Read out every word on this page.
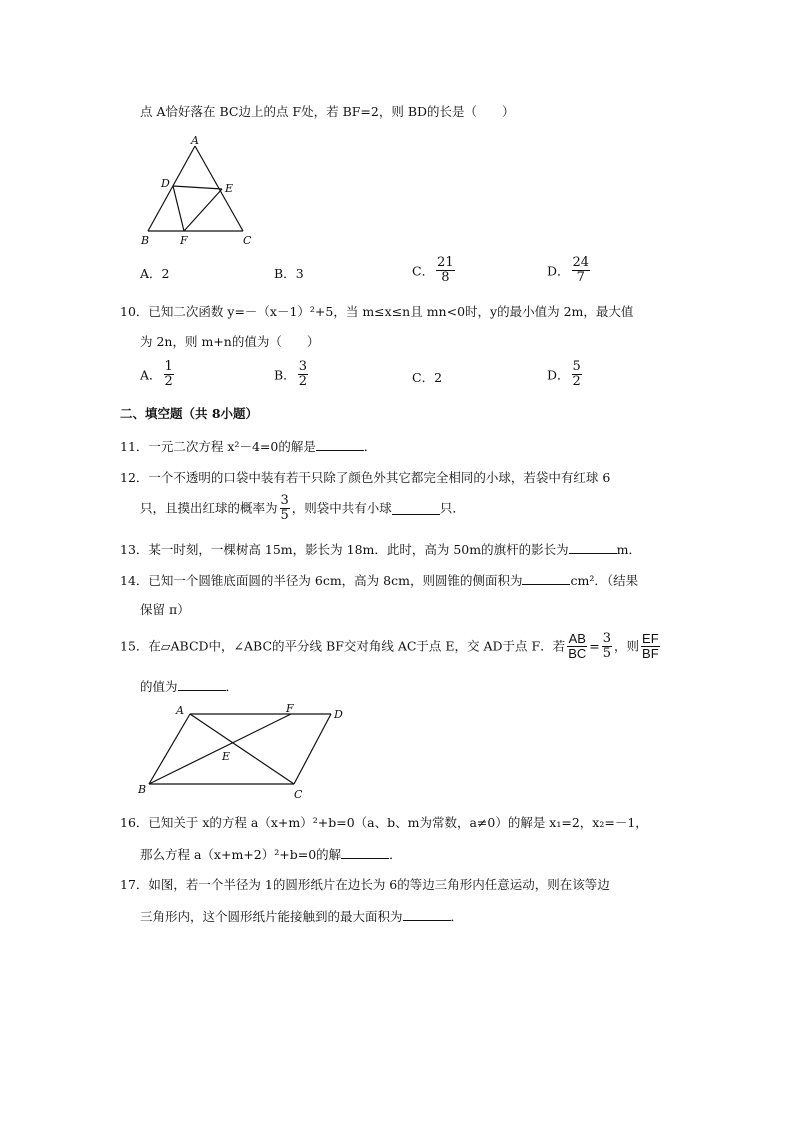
点 A恰好落在 BC边上的点 F处，若 BF=2，则 BD的长是（　　）
A
D	E
B	F	C
A．2	B．3	C． $\frac{21}{8}$	D． $\frac{24}{7}$
10．已知二次函数 y=－（x－1）²+5，当 m≤x≤n且 mn<0时，y的最小值为 2m，最大值
为 2n，则 m+n的值为（　　）
A． $\frac{1}{2}$	B． $\frac{3}{2}$	C．2	D． $\frac{5}{2}$
二、填空题（共 8小题）
11．一元二次方程 x²－4=0的解是	．
12．一个不透明的口袋中装有若干只除了颜色外其它都完全相同的小球，若袋中有红球 6
只，且摸出红球的概率为 $\frac{3}{5}$ ，则袋中共有小球	只．
13．某一时刻，一棵树高 15m，影长为 18m．此时，高为 50m的旗杆的影长为	m．
14．已知一个圆锥底面圆的半径为 6cm，高为 8cm，则圆锥的侧面积为	cm²．（结果
保留 π）
15．在▱ABCD中，∠ABC的平分线 BF交对角线 AC于点 E，交 AD于点 F．若 $\frac{AB}{BC} = \frac{3}{5}$ ，则 $\frac{EF}{BF}$
的值为	．
A	F	D
E
B	C
16．已知关于 x的方程 a（x+m）²+b=0（a、b、m为常数，a≠0）的解是 x₁=2，x₂=－1，
那么方程 a（x+m+2）²+b=0的解	．
17．如图，若一个半径为 1的圆形纸片在边长为 6的等边三角形内任意运动，则在该等边
三角形内，这个圆形纸片能接触到的最大面积为	．
